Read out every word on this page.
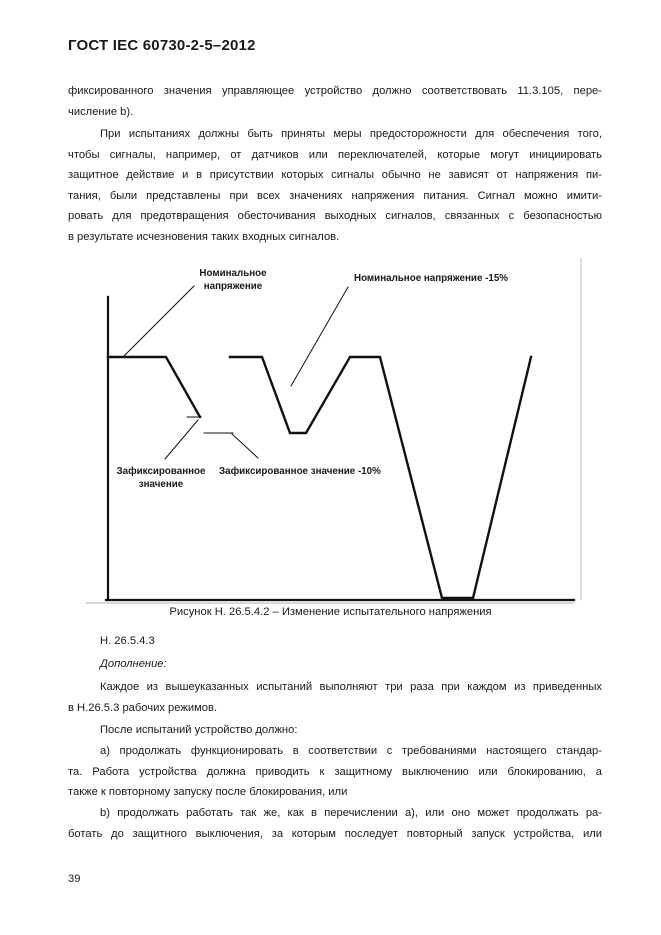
ГОСТ IEC 60730-2-5–2012
фиксированного значения управляющее устройство должно соответствовать 11.3.105, пере-
числение b).
При испытаниях должны быть приняты меры предосторожности для обеспечения того,
чтобы сигналы, например, от датчиков или переключателей, которые могут инициировать
защитное действие и в присутствии которых сигналы обычно не зависят от напряжения пи-
тания, были представлены при всех значениях напряжения питания. Сигнал можно имити-
ровать для предотвращения обесточивания выходных сигналов, связанных с безопасностью
в результате исчезновения таких входных сигналов.
Номинальное
напряжение
Номинальное напряжение -15%
Зафиксированное
значение
Зафиксированное значение -10%
Рисунок Н. 26.5.4.2 – Изменение испытательного напряжения
Н. 26.5.4.3
Дополнение:
Каждое из вышеуказанных испытаний выполняют три раза при каждом из приведенных
в Н.26.5.3 рабочих режимов.
После испытаний устройство должно:
а) продолжать функционировать в соответствии с требованиями настоящего стандар-
та. Работа устройства должна приводить к защитному выключению или блокированию, а
также к повторному запуску после блокирования, или
b) продолжать работать так же, как в перечислении а), или оно может продолжать ра-
ботать до защитного выключения, за которым последует повторный запуск устройства, или
39
